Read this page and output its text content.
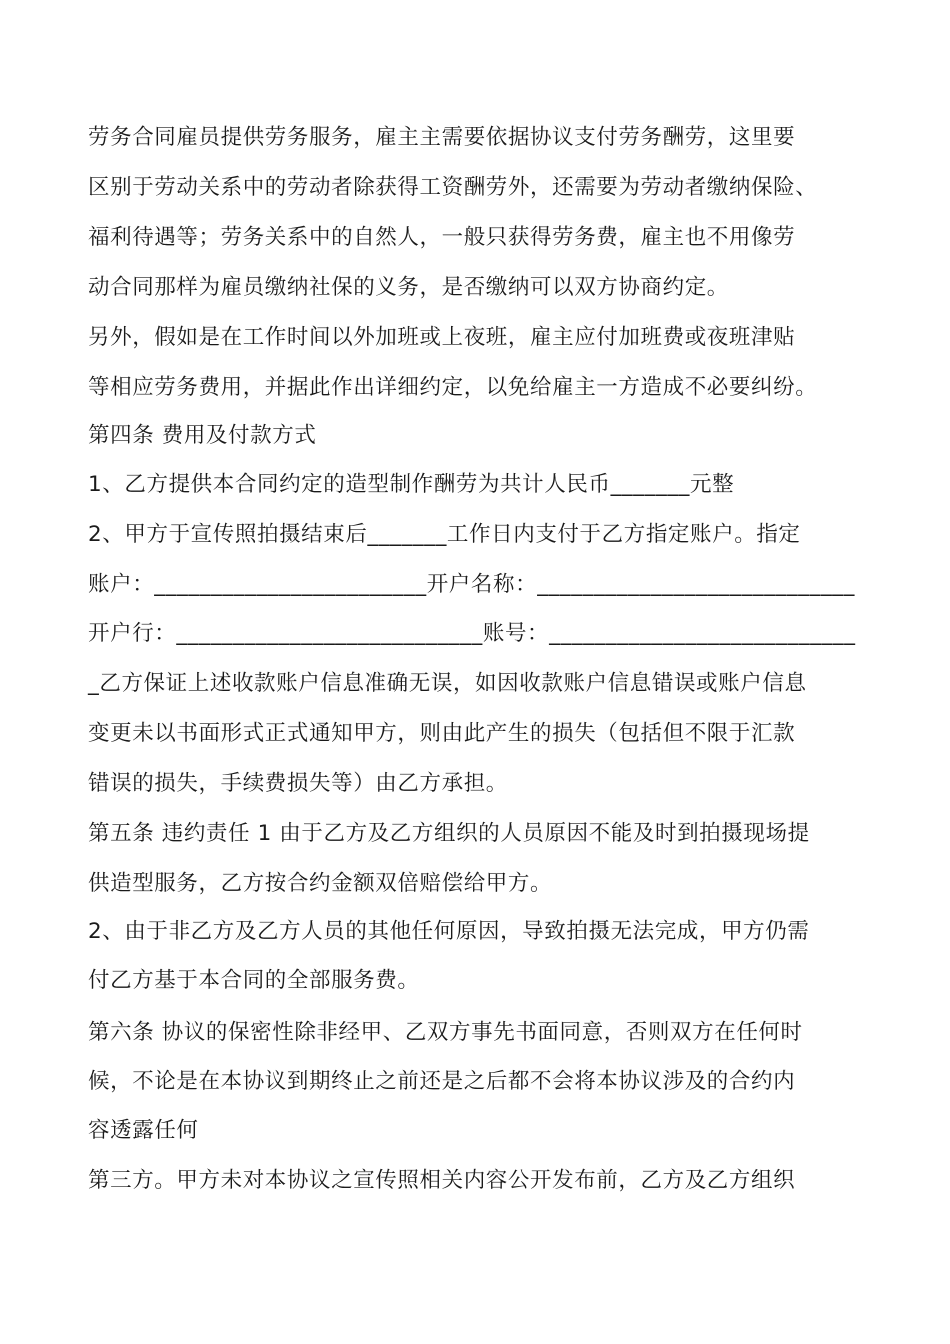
劳务合同雇员提供劳务服务，雇主主需要依据协议支付劳务酬劳，这里要
区别于劳动关系中的劳动者除获得工资酬劳外，还需要为劳动者缴纳保险、
福利待遇等；劳务关系中的自然人，一般只获得劳务费，雇主也不用像劳
动合同那样为雇员缴纳社保的义务，是否缴纳可以双方协商约定。
另外，假如是在工作时间以外加班或上夜班，雇主应付加班费或夜班津贴
等相应劳务费用，并据此作出详细约定，以免给雇主一方造成不必要纠纷。
第四条 费用及付款方式
1、乙方提供本合同约定的造型制作酬劳为共计人民币_______元整
2、甲方于宣传照拍摄结束后_______工作日内支付于乙方指定账户。指定
账户：________________________开户名称：____________________________
开户行：___________________________账号：___________________________
_乙方保证上述收款账户信息准确无误，如因收款账户信息错误或账户信息
变更未以书面形式正式通知甲方，则由此产生的损失（包括但不限于汇款
错误的损失，手续费损失等）由乙方承担。
第五条 违约责任 1 由于乙方及乙方组织的人员原因不能及时到拍摄现场提
供造型服务，乙方按合约金额双倍赔偿给甲方。
2、由于非乙方及乙方人员的其他任何原因，导致拍摄无法完成，甲方仍需
付乙方基于本合同的全部服务费。
第六条 协议的保密性除非经甲、乙双方事先书面同意，否则双方在任何时
候，不论是在本协议到期终止之前还是之后都不会将本协议涉及的合约内
容透露任何
第三方。甲方未对本协议之宣传照相关内容公开发布前，乙方及乙方组织
